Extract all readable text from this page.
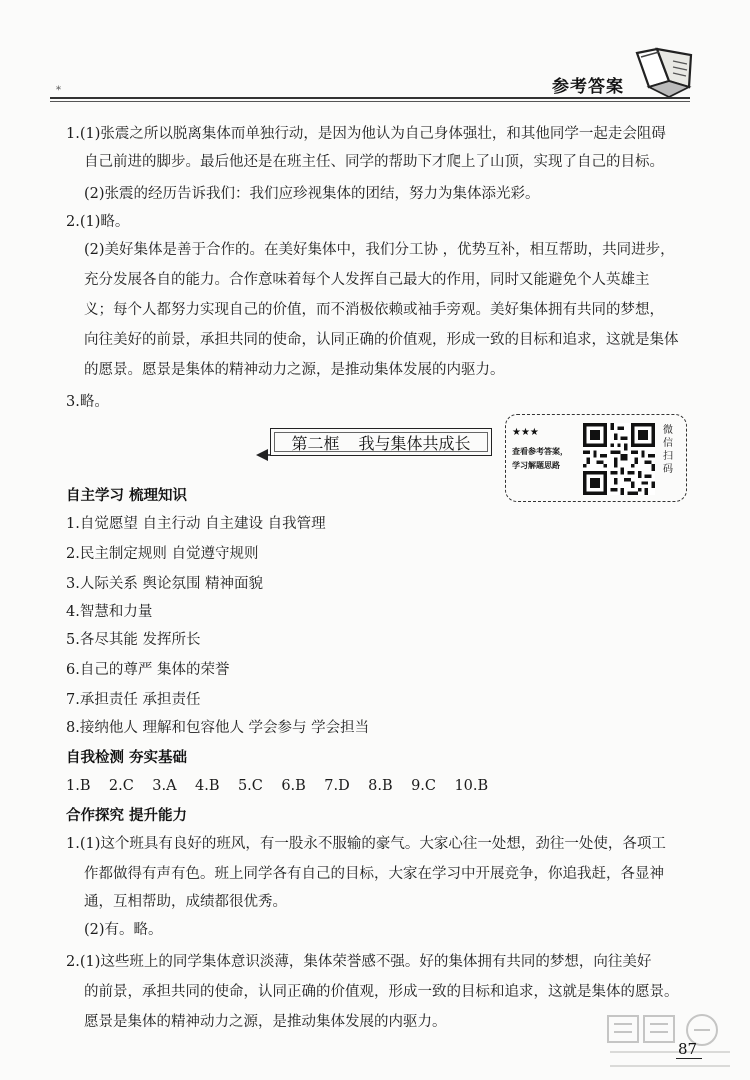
*	参考答案
1.(1)张震之所以脱离集体而单独行动，是因为他认为自己身体强壮，和其他同学一起走会阻碍
自己前进的脚步。最后他还是在班主任、同学的帮助下才爬上了山顶，实现了自己的目标。
(2)张震的经历告诉我们：我们应珍视集体的团结，努力为集体添光彩。
2.(1)略。
(2)美好集体是善于合作的。在美好集体中，我们分工协 ，优势互补，相互帮助，共同进步，
充分发展各自的能力。合作意味着每个人发挥自己最大的作用，同时又能避免个人英雄主
义；每个人都努力实现自己的价值，而不消极依赖或袖手旁观。美好集体拥有共同的梦想，
向往美好的前景，承担共同的使命，认同正确的价值观，形成一致的目标和追求，这就是集体
的愿景。愿景是集体的精神动力之源，是推动集体发展的内驱力。
3.略。
第二框 我与集体共成长
★★★
查看参考答案，
学习解题思路
微信扫码
自主学习 梳理知识
1.自觉愿望 自主行动 自主建设 自我管理
2.民主制定规则 自觉遵守规则
3.人际关系 舆论氛围 精神面貌
4.智慧和力量
5.各尽其能 发挥所长
6.自己的尊严 集体的荣誉
7.承担责任 承担责任
8.接纳他人 理解和包容他人 学会参与 学会担当
自我检测 夯实基础
1.B    2.C    3.A    4.B    5.C    6.B    7.D    8.B    9.C    10.B
合作探究 提升能力
1.(1)这个班具有良好的班风，有一股永不服输的豪气。大家心往一处想，劲往一处使，各项工
作都做得有声有色。班上同学各有自己的目标，大家在学习中开展竞争，你追我赶，各显神
通，互相帮助，成绩都很优秀。
(2)有。略。
2.(1)这些班上的同学集体意识淡薄，集体荣誉感不强。好的集体拥有共同的梦想，向往美好
的前景，承担共同的使命，认同正确的价值观，形成一致的目标和追求，这就是集体的愿景。
愿景是集体的精神动力之源，是推动集体发展的内驱力。
87
